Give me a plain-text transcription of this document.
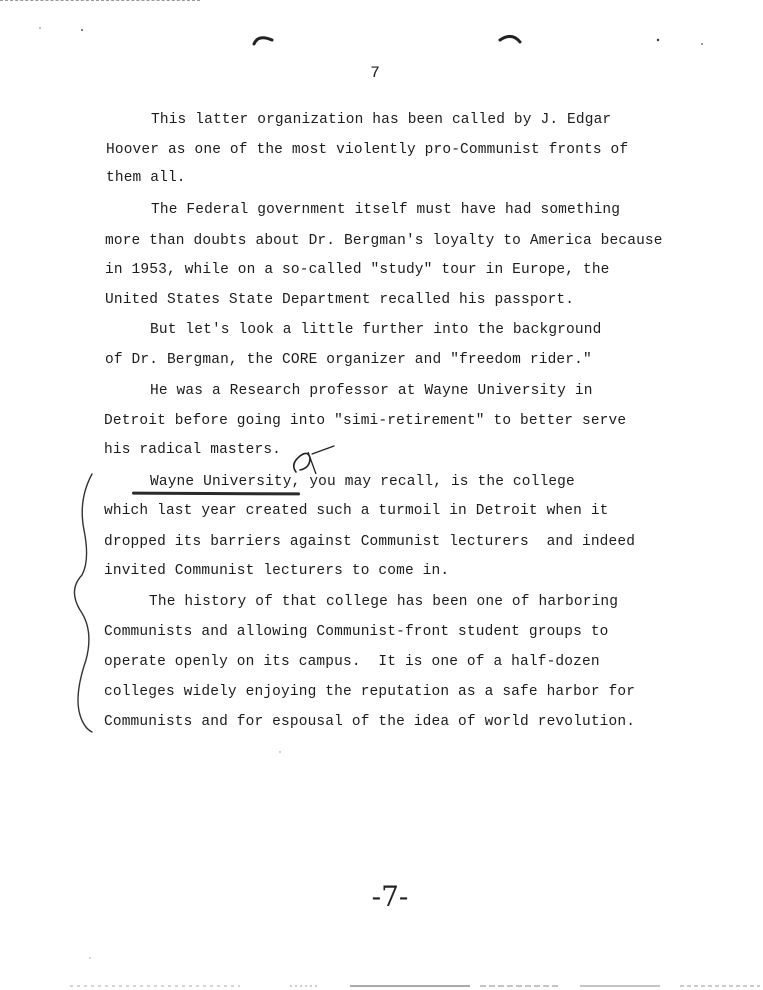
7
This latter organization has been called by J. Edgar
Hoover as one of the most violently pro-Communist fronts of
them all.
The Federal government itself must have had something
more than doubts about Dr. Bergman's loyalty to America because
in 1953, while on a so-called "study" tour in Europe, the
United States State Department recalled his passport.
But let's look a little further into the background
of Dr. Bergman, the CORE organizer and "freedom rider."
He was a Research professor at Wayne University in
Detroit before going into "simi-retirement" to better serve
his radical masters.
Wayne University, you may recall, is the college
which last year created such a turmoil in Detroit when it
dropped its barriers against Communist lecturers  and indeed
invited Communist lecturers to come in.
The history of that college has been one of harboring
Communists and allowing Communist-front student groups to
operate openly on its campus.  It is one of a half-dozen
colleges widely enjoying the reputation as a safe harbor for
Communists and for espousal of the idea of world revolution.
-7-
